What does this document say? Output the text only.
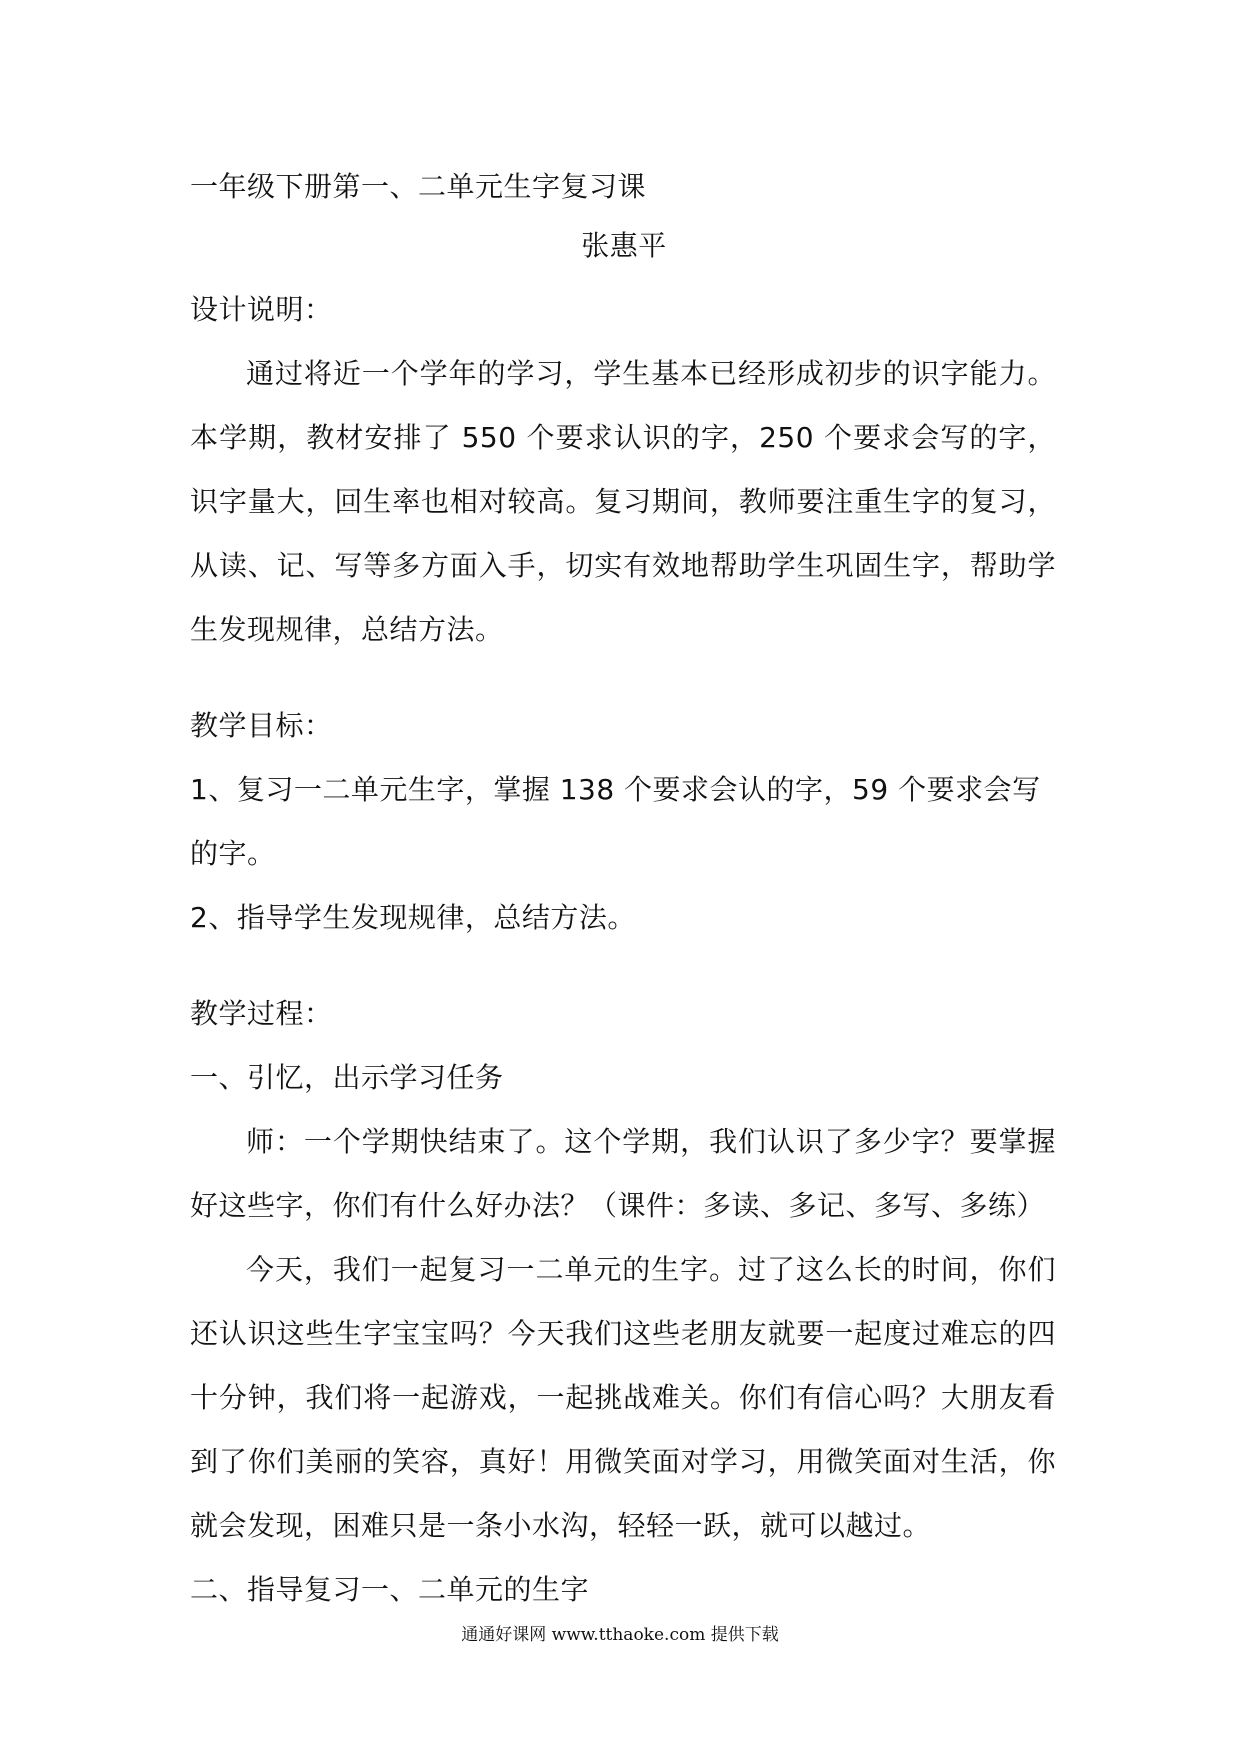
一年级下册第一、二单元生字复习课

张惠平

设计说明：

通过将近一个学年的学习，学生基本已经形成初步的识字能力。本学期，教材安排了 550 个要求认识的字，250 个要求会写的字，识字量大，回生率也相对较高。复习期间，教师要注重生字的复习，从读、记、写等多方面入手，切实有效地帮助学生巩固生字，帮助学生发现规律，总结方法。

教学目标：

1、复习一二单元生字，掌握 138 个要求会认的字，59 个要求会写的字。

2、指导学生发现规律，总结方法。

教学过程：

一、引忆，出示学习任务

师：一个学期快结束了。这个学期，我们认识了多少字？要掌握好这些字，你们有什么好办法？（课件：多读、多记、多写、多练）

今天，我们一起复习一二单元的生字。过了这么长的时间，你们还认识这些生字宝宝吗？今天我们这些老朋友就要一起度过难忘的四十分钟，我们将一起游戏，一起挑战难关。你们有信心吗？大朋友看到了你们美丽的笑容，真好！用微笑面对学习，用微笑面对生活，你就会发现，困难只是一条小水沟，轻轻一跃，就可以越过。

二、指导复习一、二单元的生字

通通好课网 www.tthaoke.com 提供下载
